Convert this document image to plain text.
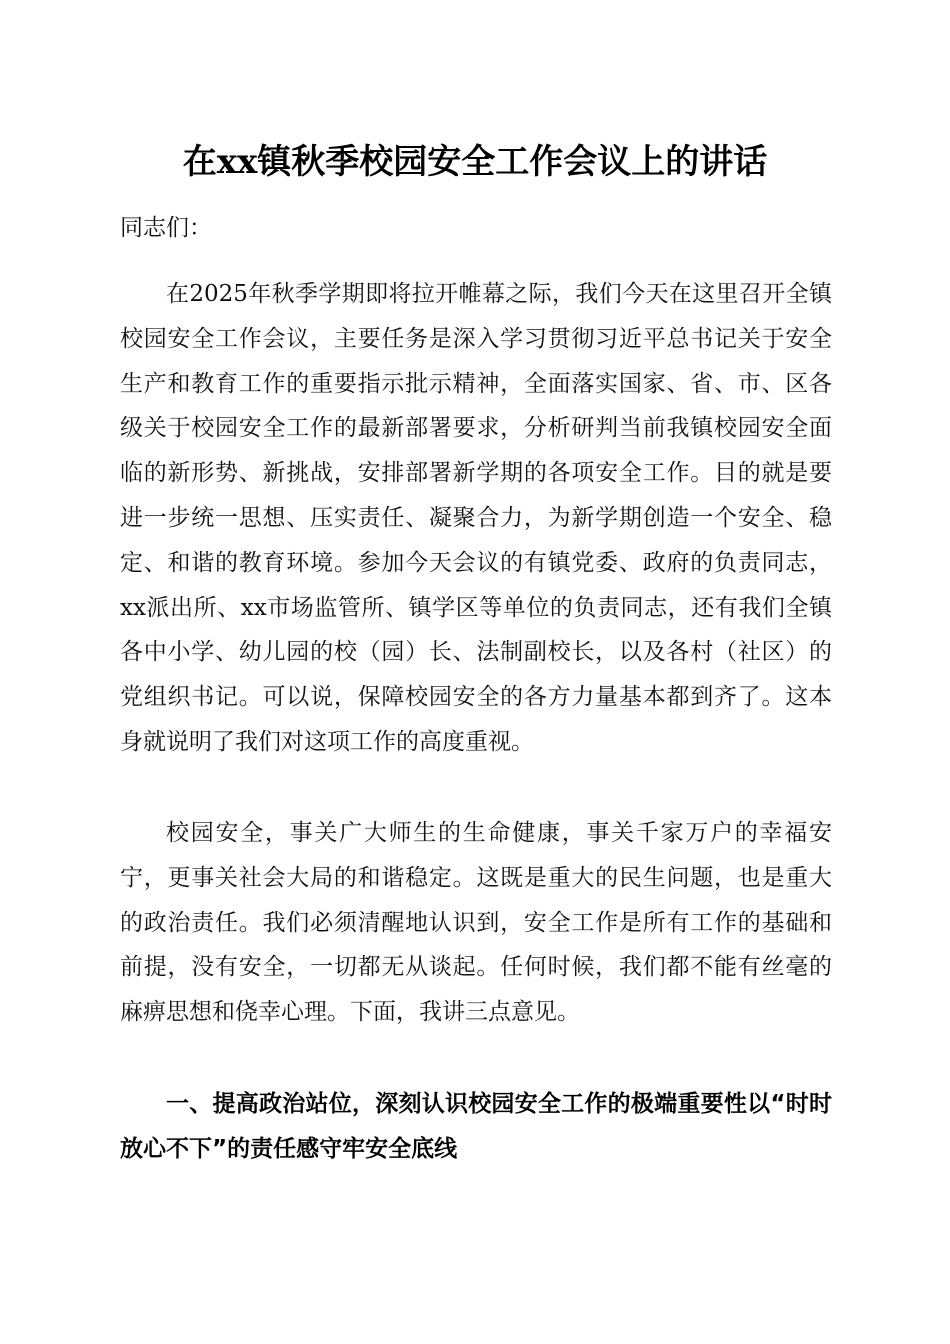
在xx镇秋季校园安全工作会议上的讲话
同志们：

在2025年秋季学期即将拉开帷幕之际，我们今天在这里召开全镇校园安全工作会议，主要任务是深入学习贯彻习近平总书记关于安全生产和教育工作的重要指示批示精神，全面落实国家、省、市、区各级关于校园安全工作的最新部署要求，分析研判当前我镇校园安全面临的新形势、新挑战，安排部署新学期的各项安全工作。目的就是要进一步统一思想、压实责任、凝聚合力，为新学期创造一个安全、稳定、和谐的教育环境。参加今天会议的有镇党委、政府的负责同志，xx派出所、xx市场监管所、镇学区等单位的负责同志，还有我们全镇各中小学、幼儿园的校（园）长、法制副校长，以及各村（社区）的党组织书记。可以说，保障校园安全的各方力量基本都到齐了。这本身就说明了我们对这项工作的高度重视。

校园安全，事关广大师生的生命健康，事关千家万户的幸福安宁，更事关社会大局的和谐稳定。这既是重大的民生问题，也是重大的政治责任。我们必须清醒地认识到，安全工作是所有工作的基础和前提，没有安全，一切都无从谈起。任何时候，我们都不能有丝毫的麻痹思想和侥幸心理。下面，我讲三点意见。

一、提高政治站位，深刻认识校园安全工作的极端重要性以“时时放心不下”的责任感守牢安全底线
